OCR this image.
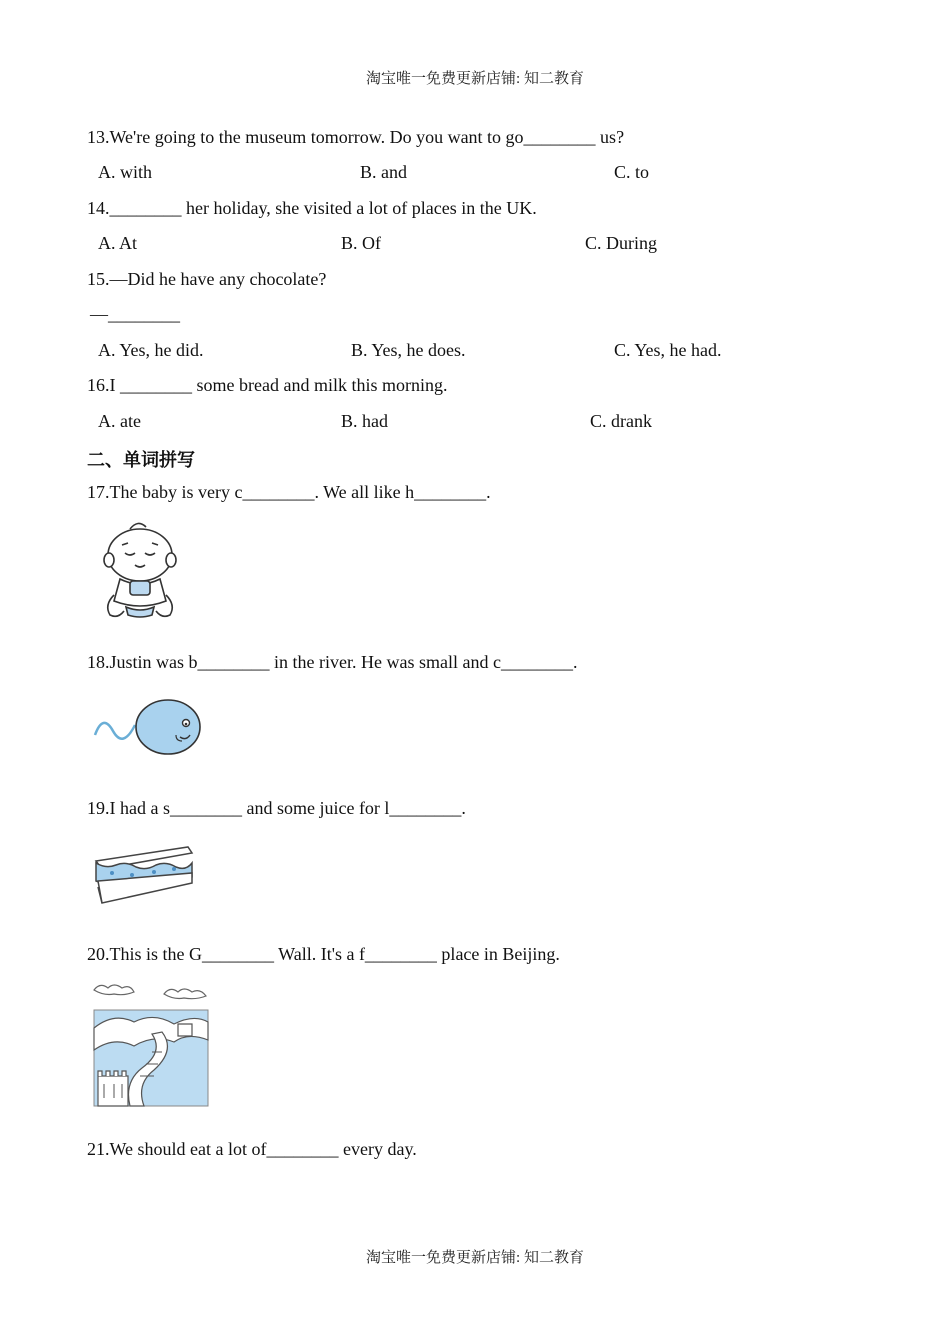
淘宝唯一免费更新店铺: 知二教育
13.We're going to the museum tomorrow. Do you want to go________ us?
A. with	B. and	C. to
14.________ her holiday, she visited a lot of places in the UK.
A. At	B. Of	C. During
15.—Did he have any chocolate?
—________
A. Yes, he did.	B. Yes, he does.	C. Yes, he had.
16.I ________ some bread and milk this morning.
A. ate	B. had	C. drank
二、单词拼写
17.The baby is very c________. We all like h________.
18.Justin was b________ in the river. He was small and c________.
19.I had a s________ and some juice for l________.
20.This is the G________ Wall. It's a f________ place in Beijing.
21.We should eat a lot of________ every day.
淘宝唯一免费更新店铺: 知二教育
